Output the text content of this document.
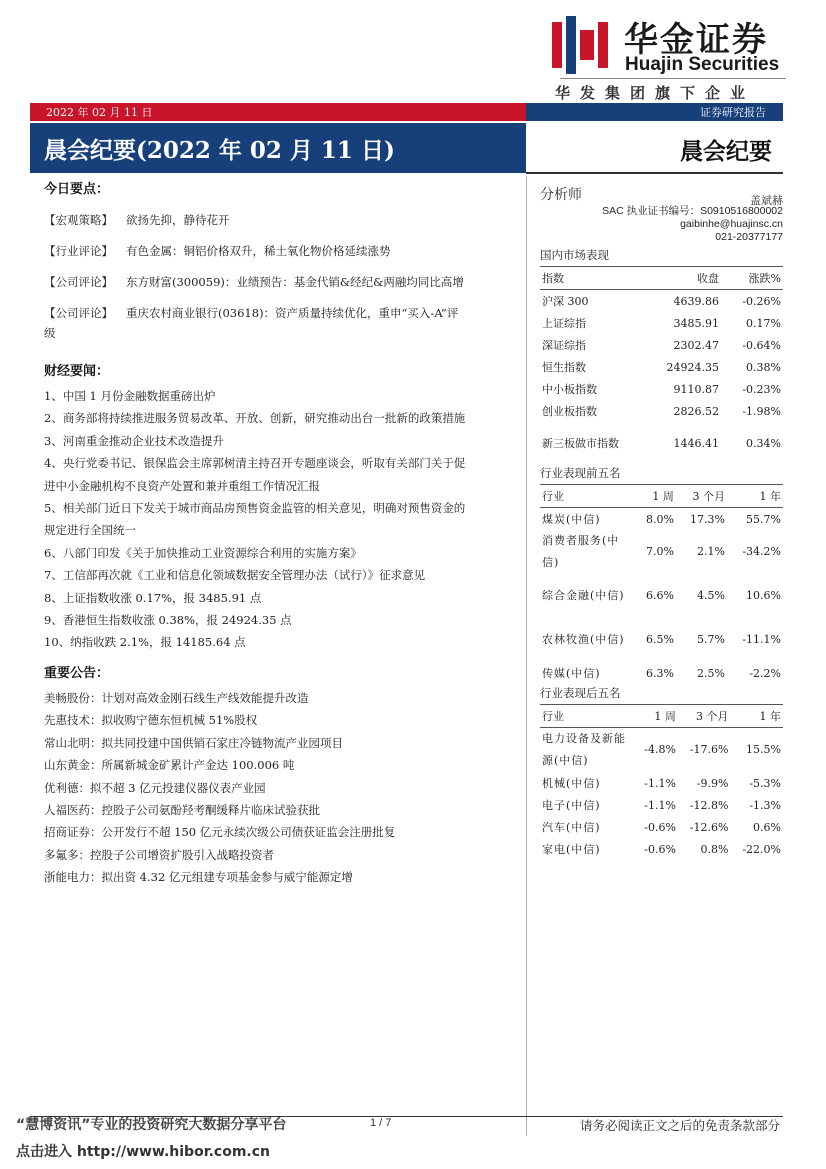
华金证券
Huajin Securities
华发集团旗下企业
2022 年 02 月 11 日	证券研究报告
晨会纪要(2022 年 02 月 11 日)	晨会纪要
今日要点：
【宏观策略】	欲扬先抑，静待花开
【行业评论】	有色金属：铜铝价格双升，稀土氧化物价格延续涨势
【公司评论】	东方财富(300059)：业绩预告：基金代销&经纪&两融均同比高增
【公司评论】	重庆农村商业银行(03618)：资产质量持续优化，重申“买入-A”评
级
财经要闻：
1、中国 1 月份金融数据重磅出炉
2、商务部将持续推进服务贸易改革、开放、创新，研究推动出台一批新的政策措施
3、河南重金推动企业技术改造提升
4、央行党委书记、银保监会主席郭树清主持召开专题座谈会，听取有关部门关于促
进中小金融机构不良资产处置和兼并重组工作情况汇报
5、相关部门近日下发关于城市商品房预售资金监管的相关意见，明确对预售资金的
规定进行全国统一
6、八部门印发《关于加快推动工业资源综合利用的实施方案》
7、工信部再次就《工业和信息化领域数据安全管理办法（试行）》征求意见
8、上证指数收涨 0.17%，报 3485.91 点
9、香港恒生指数收涨 0.38%，报 24924.35 点
10、纳指收跌 2.1%，报 14185.64 点
重要公告：
美畅股份：计划对高效金刚石线生产线效能提升改造
先惠技术：拟收购宁德东恒机械 51%股权
常山北明：拟共同投建中国供销石家庄冷链物流产业园项目
山东黄金：所属新城金矿累计产金达 100.006 吨
优利德：拟不超 3 亿元投建仪器仪表产业园
人福医药：控股子公司氨酚羟考酮缓释片临床试验获批
招商证券：公开发行不超 150 亿元永续次级公司债获证监会注册批复
多氟多：控股子公司增资扩股引入战略投资者
浙能电力：拟出资 4.32 亿元组建专项基金参与威宁能源定增
分析师	盖斌赫
SAC 执业证书编号：S0910516800002
gaibinhe@huajinsc.cn
021-20377177
国内市场表现
指数	收盘	涨跌%
沪深 300	4639.86	-0.26%
上证综指	3485.91	0.17%
深证综指	2302.47	-0.64%
恒生指数	24924.35	0.38%
中小板指数	9110.87	-0.23%
创业板指数	2826.52	-1.98%
新三板做市指数	1446.41	0.34%
行业表现前五名
行业	1 周	3 个月	1 年
煤炭(中信)	8.0%	17.3%	55.7%
消费者服务(中信)	7.0%	2.1%	-34.2%
综合金融(中信)	6.6%	4.5%	10.6%
农林牧渔(中信)	6.5%	5.7%	-11.1%
传媒(中信)	6.3%	2.5%	-2.2%
行业表现后五名
行业	1 周	3 个月	1 年
电力设备及新能源(中信)	-4.8%	-17.6%	15.5%
机械(中信)	-1.1%	-9.9%	-5.3%
电子(中信)	-1.1%	-12.8%	-1.3%
汽车(中信)	-0.6%	-12.6%	0.6%
家电(中信)	-0.6%	0.8%	-22.0%
“慧博资讯”专业的投资研究大数据分享平台	1 / 7	请务必阅读正文之后的免责条款部分
点击进入 http://www.hibor.com.cn
